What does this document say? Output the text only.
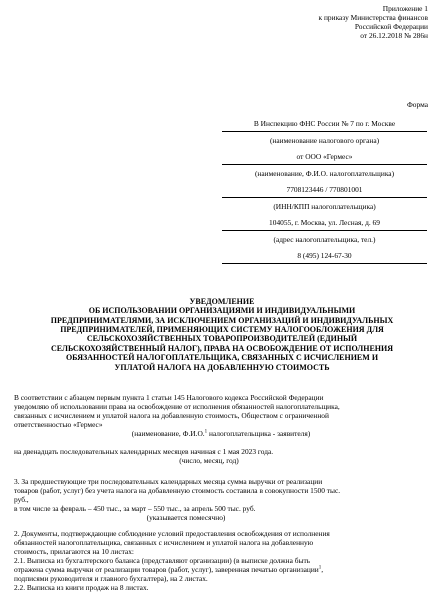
Приложение 1
к приказу Министерства финансов
Российской Федерации
от 26.12.2018 № 286н
Форма
В Инспекцию ФНС России № 7 по г. Москве
(наименование налогового органа)
от ООО «Гермес»
(наименование, Ф.И.О. налогоплательщика)
7708123446 / 770801001
(ИНН/КПП налогоплательщика)
104055, г. Москва, ул. Лесная, д. 69
(адрес налогоплательщика, тел.)
8 (495) 124-67-30
УВЕДОМЛЕНИЕ
ОБ ИСПОЛЬЗОВАНИИ ОРГАНИЗАЦИЯМИ И ИНДИВИДУАЛЬНЫМИ
ПРЕДПРИНИМАТЕЛЯМИ, ЗА ИСКЛЮЧЕНИЕМ ОРГАНИЗАЦИЙ И ИНДИВИДУАЛЬНЫХ
ПРЕДПРИНИМАТЕЛЕЙ, ПРИМЕНЯЮЩИХ СИСТЕМУ НАЛОГООБЛОЖЕНИЯ ДЛЯ
СЕЛЬСКОХОЗЯЙСТВЕННЫХ ТОВАРОПРОИЗВОДИТЕЛЕЙ (ЕДИНЫЙ
СЕЛЬСКОХОЗЯЙСТВЕННЫЙ НАЛОГ), ПРАВА НА ОСВОБОЖДЕНИЕ ОТ ИСПОЛНЕНИЯ
ОБЯЗАННОСТЕЙ НАЛОГОПЛАТЕЛЬЩИКА, СВЯЗАННЫХ С ИСЧИСЛЕНИЕМ И
УПЛАТОЙ НАЛОГА НА ДОБАВЛЕННУЮ СТОИМОСТЬ
В соответствии с абзацем первым пункта 1 статьи 145 Налогового кодекса Российской Федерации
уведомляю об использовании права на освобождение от исполнения обязанностей налогоплательщика,
связанных с исчислением и уплатой налога на добавленную стоимость, Обществом с ограниченной
ответственностью «Гермес»
(наименование, Ф.И.О.$^1$ налогоплательщика - заявителя)
на двенадцать последовательных календарных месяцев начиная с 1 мая 2023 года.
(число, месяц, год)
3. За предшествующие три последовательных календарных месяца сумма выручки от реализации
товаров (работ, услуг) без учета налога на добавленную стоимость составила в совокупности 1500 тыс.
руб.,
в том числе за февраль – 450 тыс., за март – 550 тыс., за апрель 500 тыс. руб.
(указывается помесячно)
2. Документы, подтверждающие соблюдение условий предоставления освобождения от исполнения
обязанностей налогоплательщика, связанных с исчислением и уплатой налога на добавленную
стоимость, прилагаются на 10 листах:
2.1. Выписка из бухгалтерского баланса (представляют организации) (в выписке должна быть
отражена сумма выручки от реализации товаров (работ, услуг), заверенная печатью организации$^1$,
подписями руководителя и главного бухгалтера), на 2 листах.
2.2. Выписка из книги продаж на 8 листах.
